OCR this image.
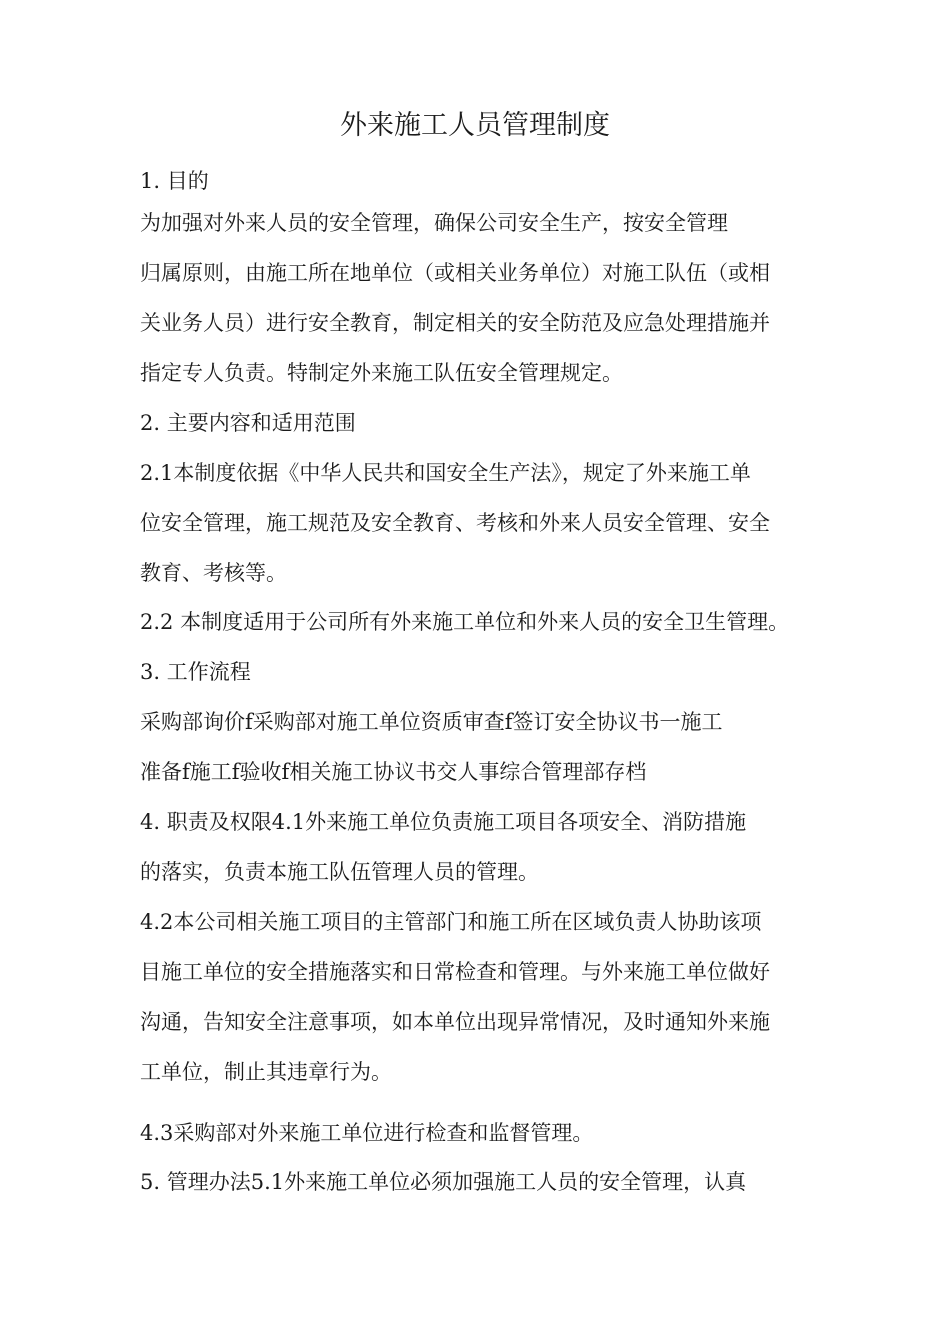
外来施工人员管理制度
1. 目的
为加强对外来人员的安全管理，确保公司安全生产，按安全管理
归属原则，由施工所在地单位（或相关业务单位）对施工队伍（或相
关业务人员）进行安全教育，制定相关的安全防范及应急处理措施并
指定专人负责。特制定外来施工队伍安全管理规定。
2. 主要内容和适用范围
2.1本制度依据《中华人民共和国安全生产法》，规定了外来施工单
位安全管理，施工规范及安全教育、考核和外来人员安全管理、安全
教育、考核等。
2.2 本制度适用于公司所有外来施工单位和外来人员的安全卫生管理。
3. 工作流程
采购部询价f采购部对施工单位资质审查f签订安全协议书一施工
准备f施工f验收f相关施工协议书交人事综合管理部存档
4. 职责及权限4.1外来施工单位负责施工项目各项安全、消防措施
的落实，负责本施工队伍管理人员的管理。
4.2本公司相关施工项目的主管部门和施工所在区域负责人协助该项
目施工单位的安全措施落实和日常检查和管理。与外来施工单位做好
沟通，告知安全注意事项，如本单位出现异常情况，及时通知外来施
工单位，制止其违章行为。
4.3采购部对外来施工单位进行检查和监督管理。
5. 管理办法5.1外来施工单位必须加强施工人员的安全管理，认真
